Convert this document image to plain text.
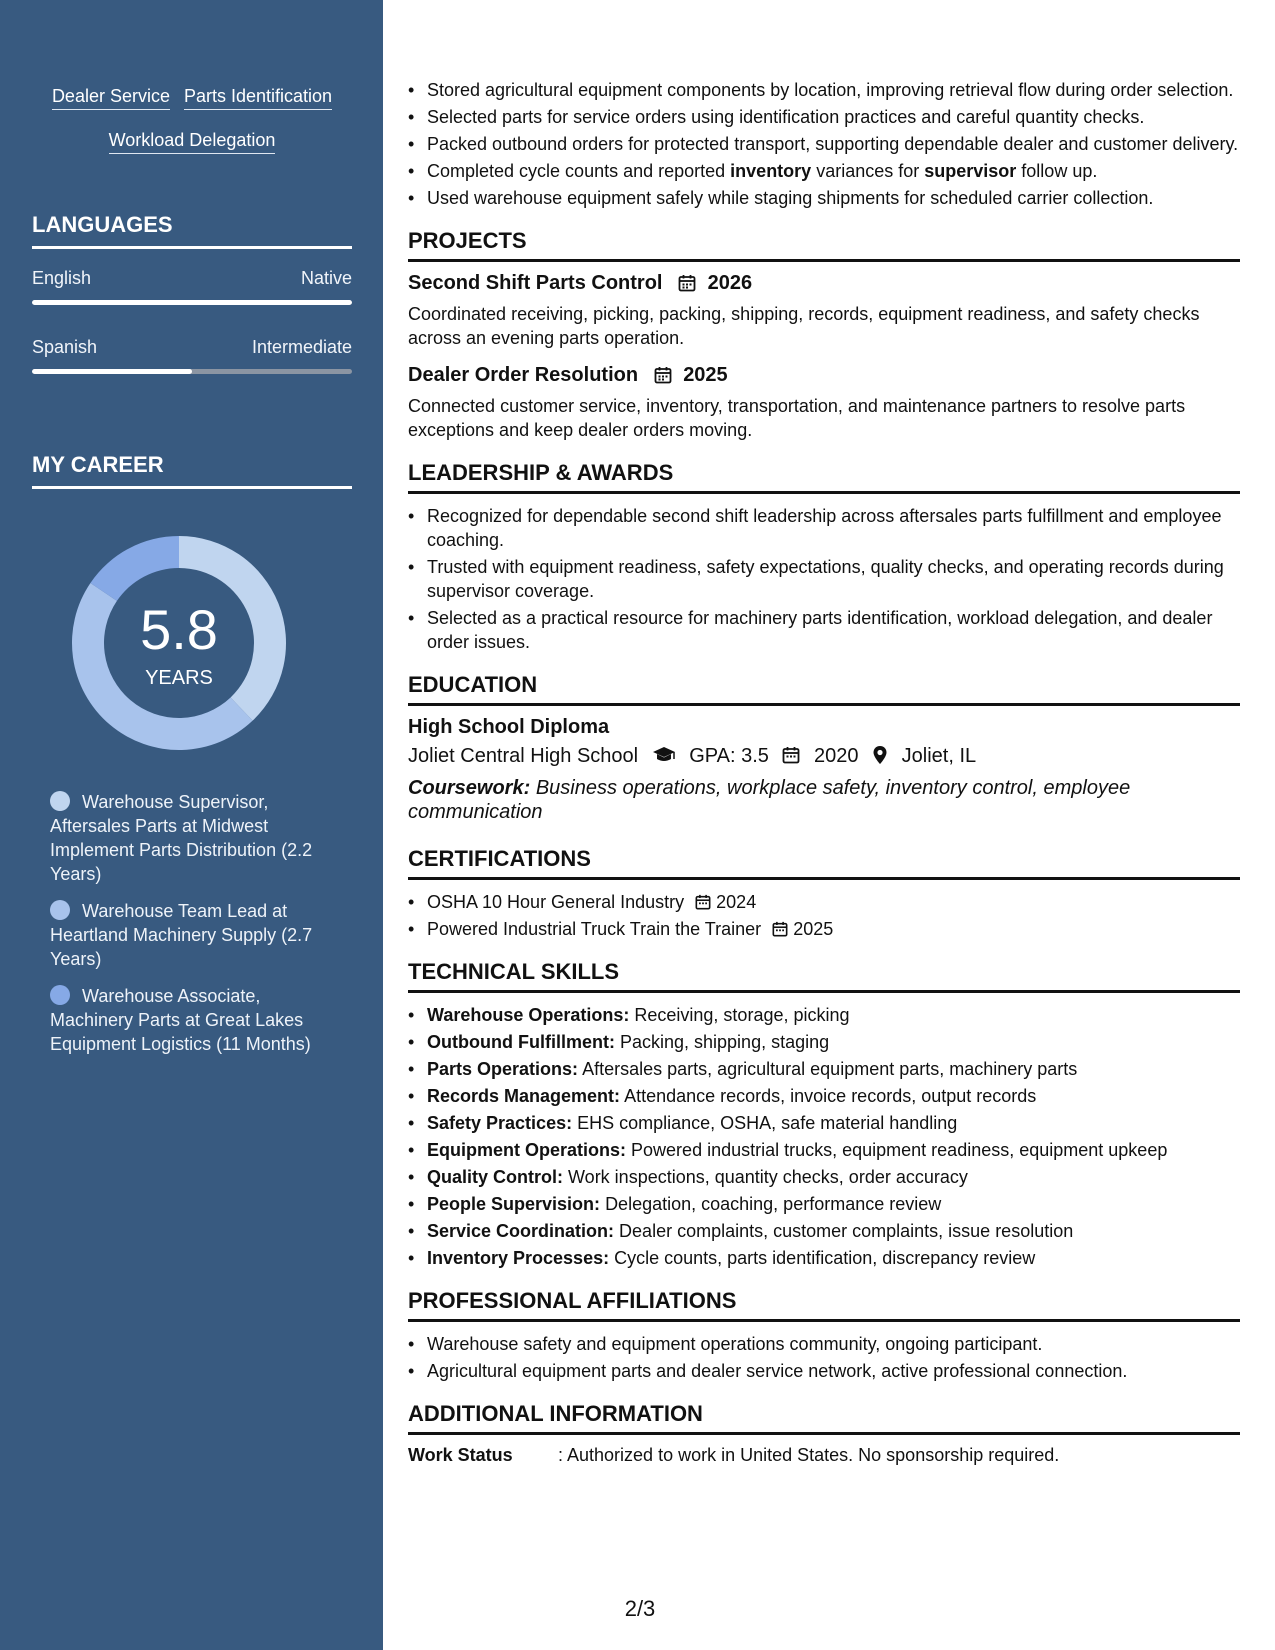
Dealer Service Parts Identification
Workload Delegation
LANGUAGES
English	Native
Spanish	Intermediate
MY CAREER
5.8
YEARS
Warehouse Supervisor, Aftersales Parts at Midwest Implement Parts Distribution (2.2 Years)
Warehouse Team Lead at Heartland Machinery Supply (2.7 Years)
Warehouse Associate, Machinery Parts at Great Lakes Equipment Logistics (11 Months)
• Stored agricultural equipment components by location, improving retrieval flow during order selection.
• Selected parts for service orders using identification practices and careful quantity checks.
• Packed outbound orders for protected transport, supporting dependable dealer and customer delivery.
• Completed cycle counts and reported inventory variances for supervisor follow up.
• Used warehouse equipment safely while staging shipments for scheduled carrier collection.
PROJECTS
Second Shift Parts Control 2026
Coordinated receiving, picking, packing, shipping, records, equipment readiness, and safety checks across an evening parts operation.
Dealer Order Resolution 2025
Connected customer service, inventory, transportation, and maintenance partners to resolve parts exceptions and keep dealer orders moving.
LEADERSHIP & AWARDS
• Recognized for dependable second shift leadership across aftersales parts fulfillment and employee coaching.
• Trusted with equipment readiness, safety expectations, quality checks, and operating records during supervisor coverage.
• Selected as a practical resource for machinery parts identification, workload delegation, and dealer order issues.
EDUCATION
High School Diploma
Joliet Central High School	GPA: 3.5 2020 Joliet, IL
Coursework: Business operations, workplace safety, inventory control, employee communication
CERTIFICATIONS
• OSHA 10 Hour General Industry 2024
• Powered Industrial Truck Train the Trainer 2025
TECHNICAL SKILLS
• Warehouse Operations: Receiving, storage, picking
• Outbound Fulfillment: Packing, shipping, staging
• Parts Operations: Aftersales parts, agricultural equipment parts, machinery parts
• Records Management: Attendance records, invoice records, output records
• Safety Practices: EHS compliance, OSHA, safe material handling
• Equipment Operations: Powered industrial trucks, equipment readiness, equipment upkeep
• Quality Control: Work inspections, quantity checks, order accuracy
• People Supervision: Delegation, coaching, performance review
• Service Coordination: Dealer complaints, customer complaints, issue resolution
• Inventory Processes: Cycle counts, parts identification, discrepancy review
PROFESSIONAL AFFILIATIONS
• Warehouse safety and equipment operations community, ongoing participant.
• Agricultural equipment parts and dealer service network, active professional connection.
ADDITIONAL INFORMATION
Work Status	: Authorized to work in United States. No sponsorship required.
2/3
